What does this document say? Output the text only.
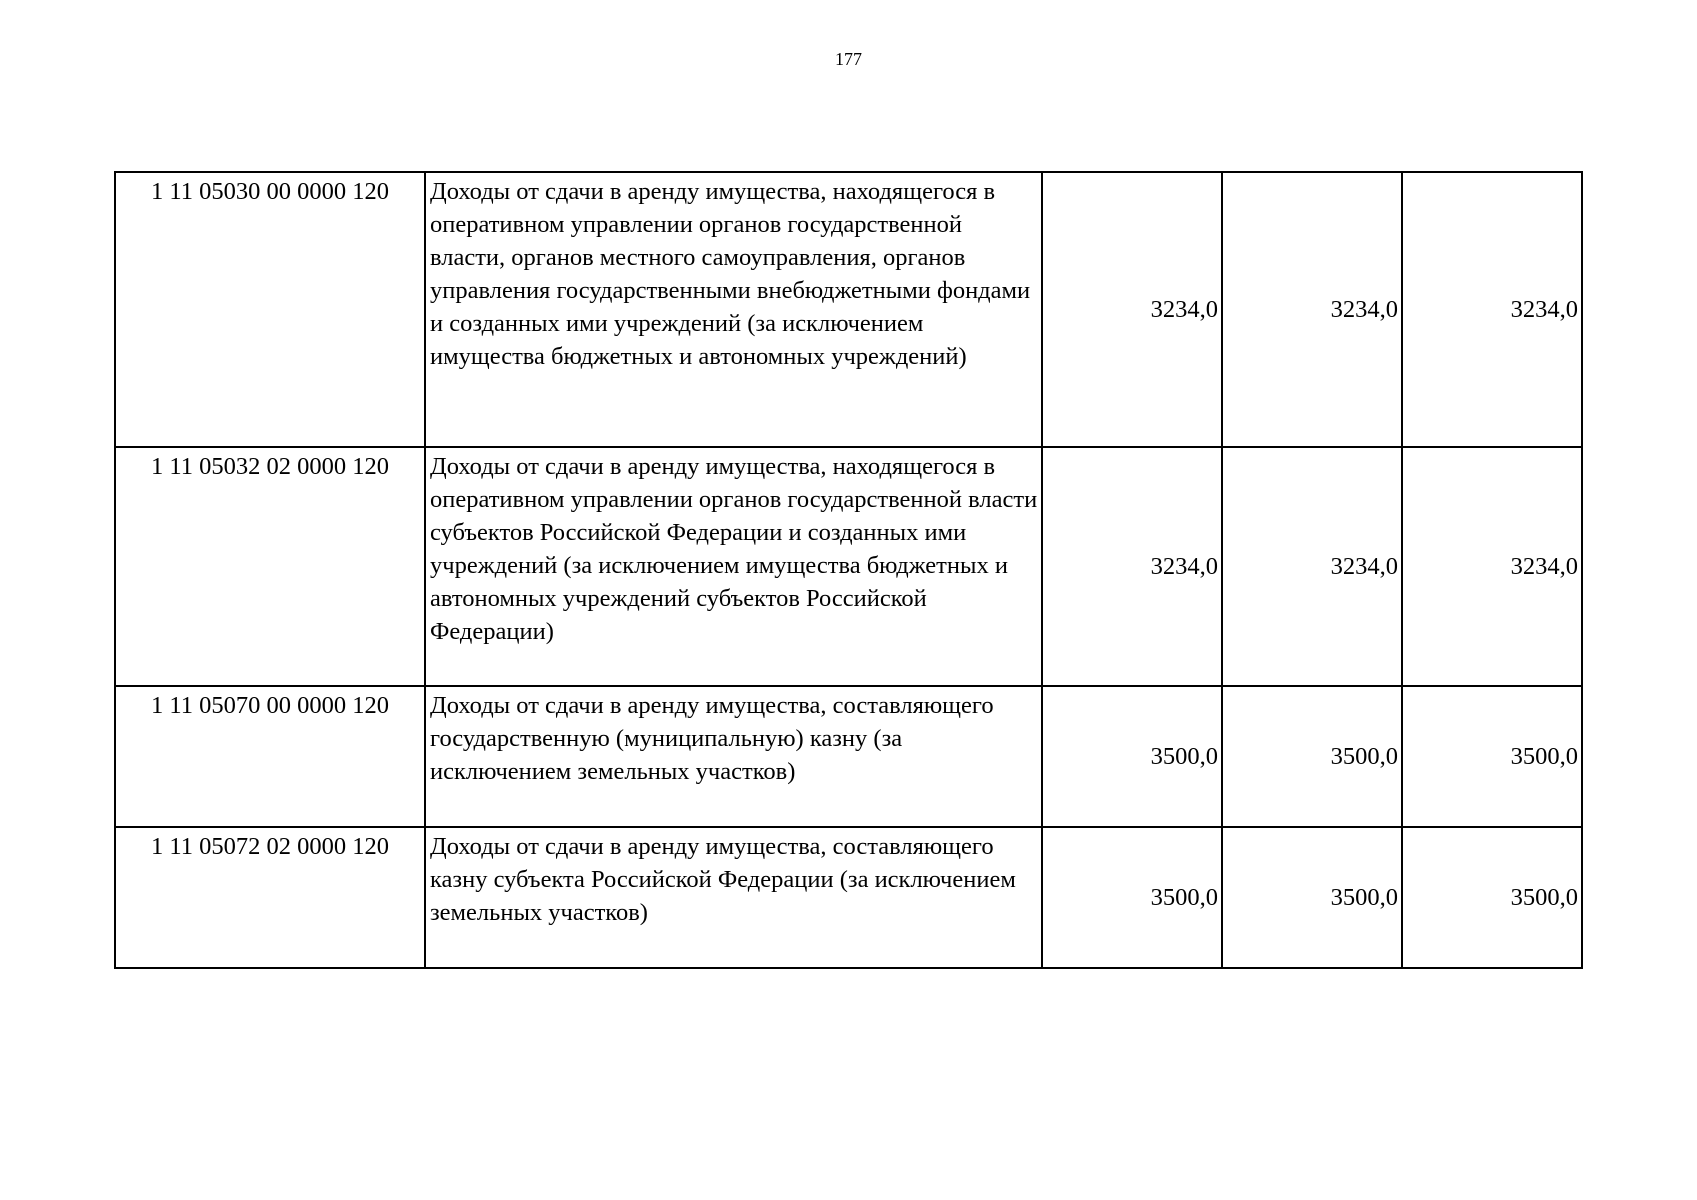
177
1 11 05030 00 0000 120	Доходы от сдачи в аренду имущества, находящегося в оперативном управлении органов государственной власти, органов местного самоуправления, органов управления государственными внебюджетными фондами и созданных ими учреждений (за исключением имущества бюджетных и автономных учреждений)	3234,0	3234,0	3234,0
1 11 05032 02 0000 120	Доходы от сдачи в аренду имущества, находящегося в оперативном управлении органов государственной власти субъектов Российской Федерации и созданных ими учреждений (за исключением имущества бюджетных и автономных учреждений субъектов Российской Федерации)	3234,0	3234,0	3234,0
1 11 05070 00 0000 120	Доходы от сдачи в аренду имущества, составляющего государственную (муниципальную) казну (за исключением земельных участков)	3500,0	3500,0	3500,0
1 11 05072 02 0000 120	Доходы от сдачи в аренду имущества, составляющего казну субъекта Российской Федерации (за исключением земельных участков)	3500,0	3500,0	3500,0
